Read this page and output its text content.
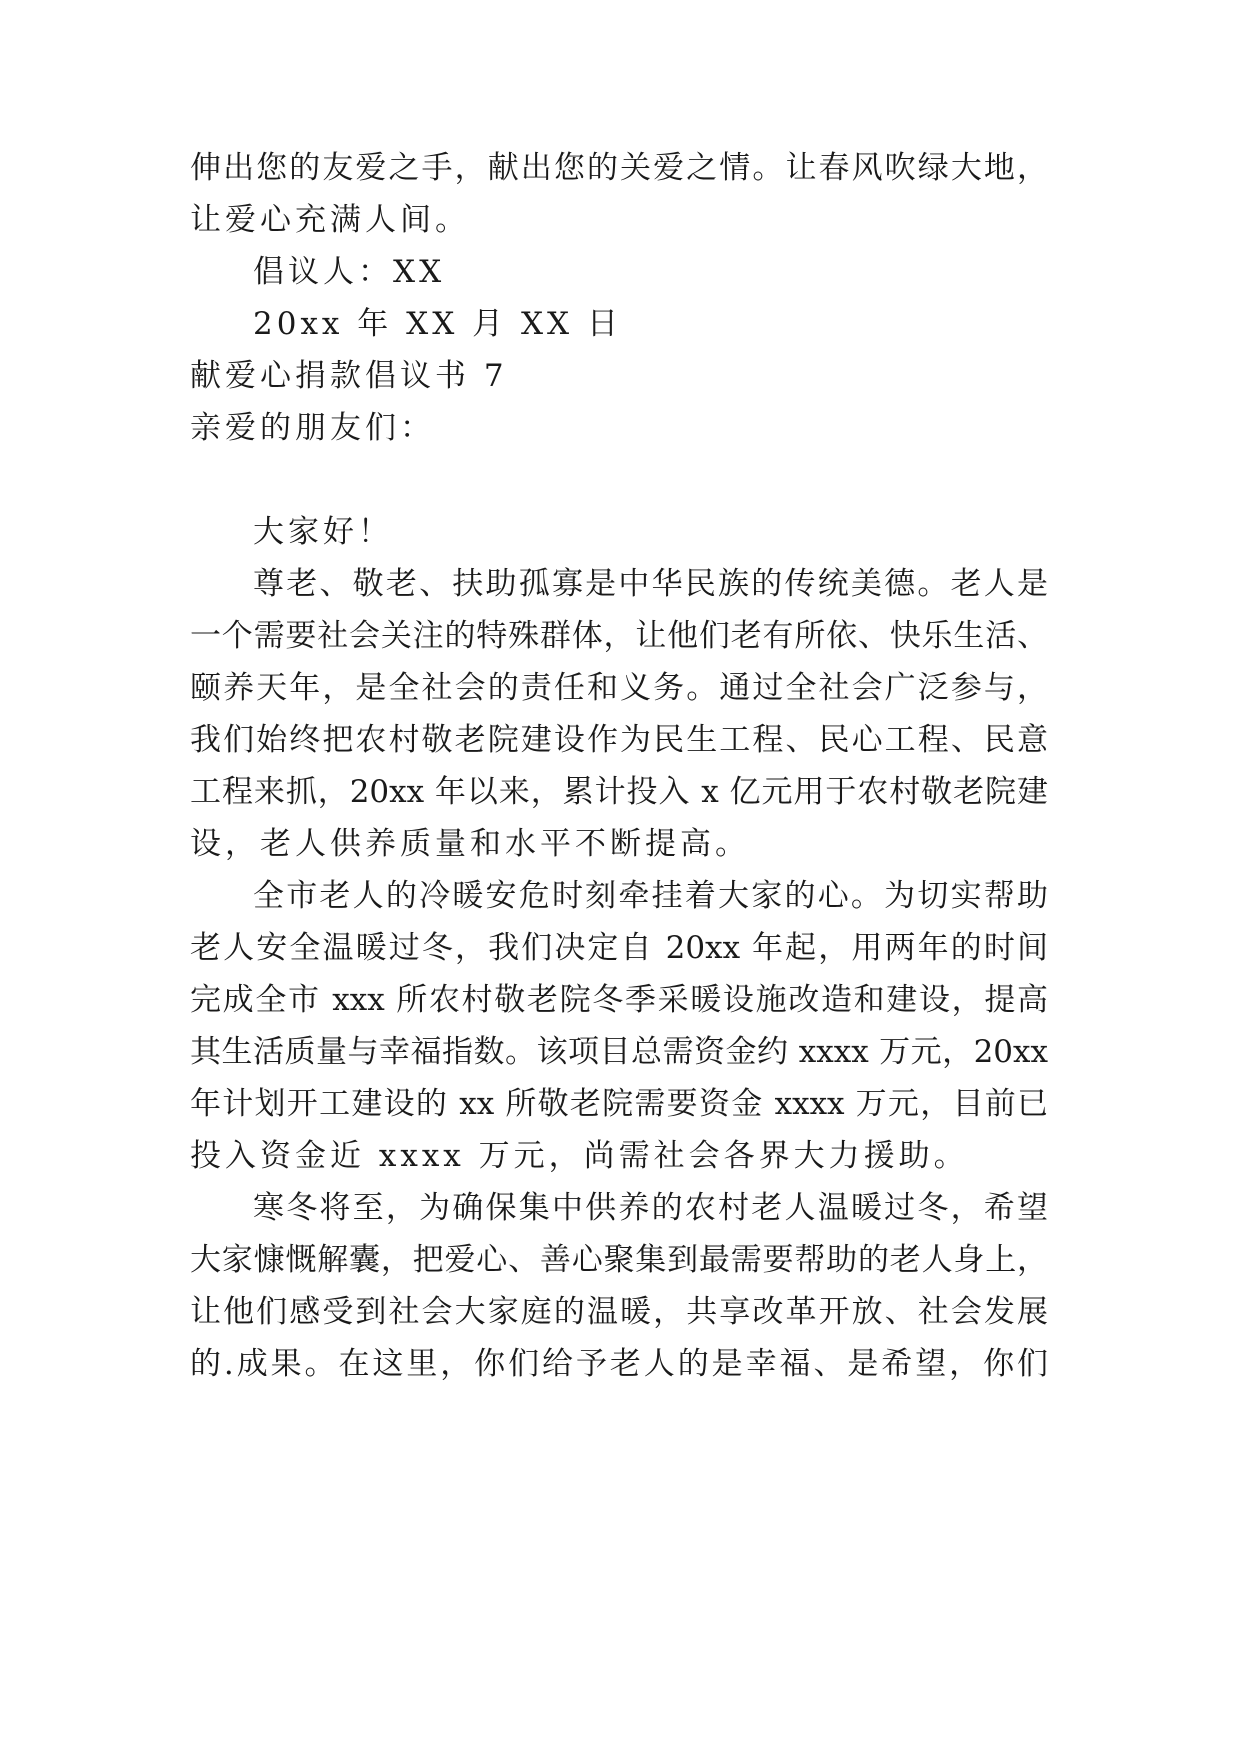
伸出您的友爱之手，献出您的关爱之情。让春风吹绿大地，
让爱心充满人间。
倡议人：XX
20xx 年 XX 月 XX 日
献爱心捐款倡议书 7
亲爱的朋友们：
大家好！
尊老、敬老、扶助孤寡是中华民族的传统美德。老人是
一个需要社会关注的特殊群体，让他们老有所依、快乐生活、
颐养天年，是全社会的责任和义务。通过全社会广泛参与，
我们始终把农村敬老院建设作为民生工程、民心工程、民意
工程来抓，20xx 年以来，累计投入 x 亿元用于农村敬老院建
设，老人供养质量和水平不断提高。
全市老人的冷暖安危时刻牵挂着大家的心。为切实帮助
老人安全温暖过冬，我们决定自 20xx 年起，用两年的时间
完成全市 xxx 所农村敬老院冬季采暖设施改造和建设，提高
其生活质量与幸福指数。该项目总需资金约 xxxx 万元，20xx
年计划开工建设的 xx 所敬老院需要资金 xxxx 万元，目前已
投入资金近 xxxx 万元，尚需社会各界大力援助。
寒冬将至，为确保集中供养的农村老人温暖过冬，希望
大家慷慨解囊，把爱心、善心聚集到最需要帮助的老人身上，
让他们感受到社会大家庭的温暖，共享改革开放、社会发展
的.成果。在这里，你们给予老人的是幸福、是希望，你们
